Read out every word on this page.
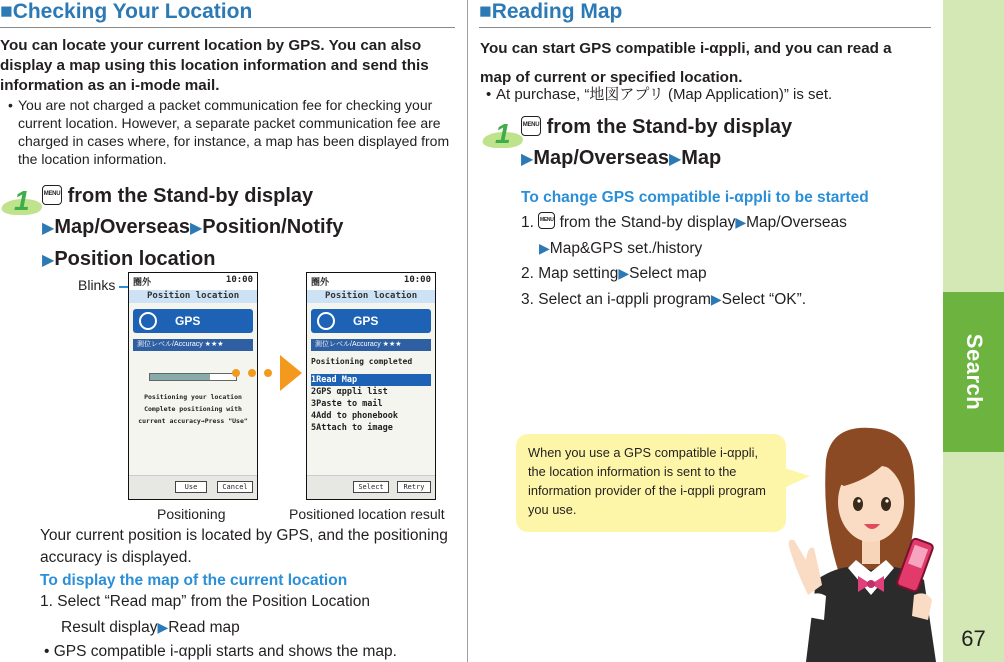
Search
67
■Checking Your Location
You can locate your current location by GPS. You can also display a map using this location information and send this information as an i-mode mail.
• You are not charged a packet communication fee for checking your current location. However, a separate packet communication fee are charged in cases where, for instance, a map has been displayed from the location information.
1 MENU from the Stand-by display
▶Map/Overseas▶Position/Notify
▶Position location
Blinks 圈外	10:00
Position location
GPS
測位レベル/Accuracy ★★★
Positioning your location
Complete positioning with
current accuracy→Press "Use"
Use	Cancel
圈外	10:00
Position location
GPS
測位レベル/Accuracy ★★★
Positioning completed
1Read Map
2GPS αppli list
3Paste to mail
4Add to phonebook
5Attach to image
Select	Retry
Positioning	Positioned location result
Your current position is located by GPS, and the positioning accuracy is displayed.
To display the map of the current location
1. Select “Read map” from the Position Location
Result display▶Read map
• GPS compatible i-αppli starts and shows the map.
■Reading Map
You can start GPS compatible i-αppli, and you can read a map of current or specified location.
• At purchase, “地図アプリ (Map Application)” is set.
1 MENU from the Stand-by display
▶Map/Overseas▶Map
To change GPS compatible i-αppli to be started
1. MENU from the Stand-by display▶Map/Overseas
▶Map&GPS set./history
2. Map setting▶Select map
3. Select an i-αppli program▶Select “OK”.
When you use a GPS compatible i-αppli, the location information is sent to the information provider of the i-αppli program you use.
